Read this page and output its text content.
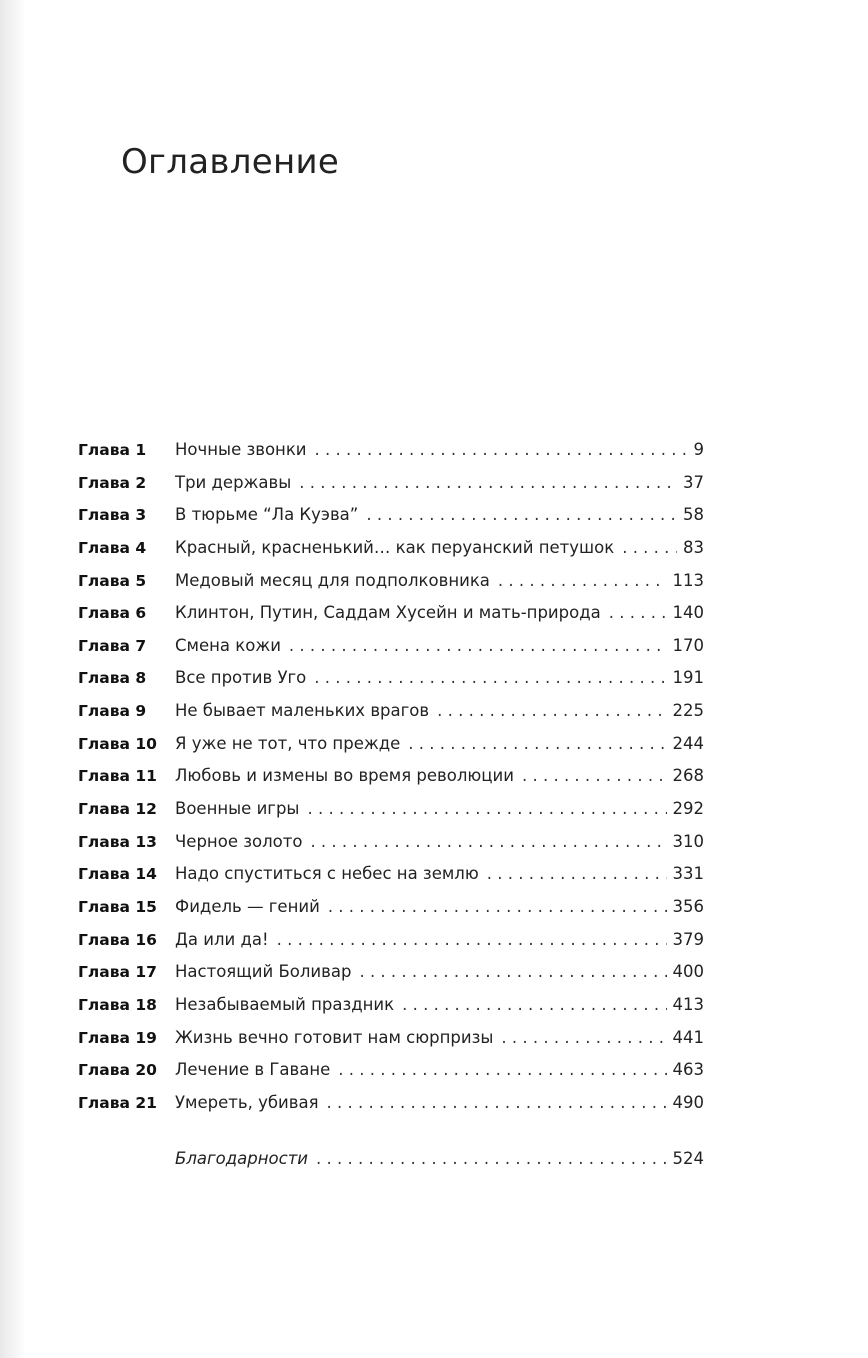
Оглавление
Глава 1	Ночные звонки . . .	9
Глава 2	Три державы . . .	37
Глава 3	В тюрьме “Ла Куэва” . . .	58
Глава 4	Красный, красненький… как перуанский петушок . . .	83
Глава 5	Медовый месяц для подполковника . . .	113
Глава 6	Клинтон, Путин, Саддам Хусейн и мать-природа . . .	140
Глава 7	Смена кожи . . .	170
Глава 8	Все против Уго . . .	191
Глава 9	Не бывает маленьких врагов . . .	225
Глава 10	Я уже не тот, что прежде . . .	244
Глава 11	Любовь и измены во время революции . . .	268
Глава 12	Военные игры . . .	292
Глава 13	Черное золото . . .	310
Глава 14	Надо спуститься с небес на землю . . .	331
Глава 15	Фидель — гений . . .	356
Глава 16	Да или да! . . .	379
Глава 17	Настоящий Боливар . . .	400
Глава 18	Незабываемый праздник . . .	413
Глава 19	Жизнь вечно готовит нам сюрпризы . . .	441
Глава 20	Лечение в Гаване . . .	463
Глава 21	Умереть, убивая . . .	490
Благодарности . . .	524
